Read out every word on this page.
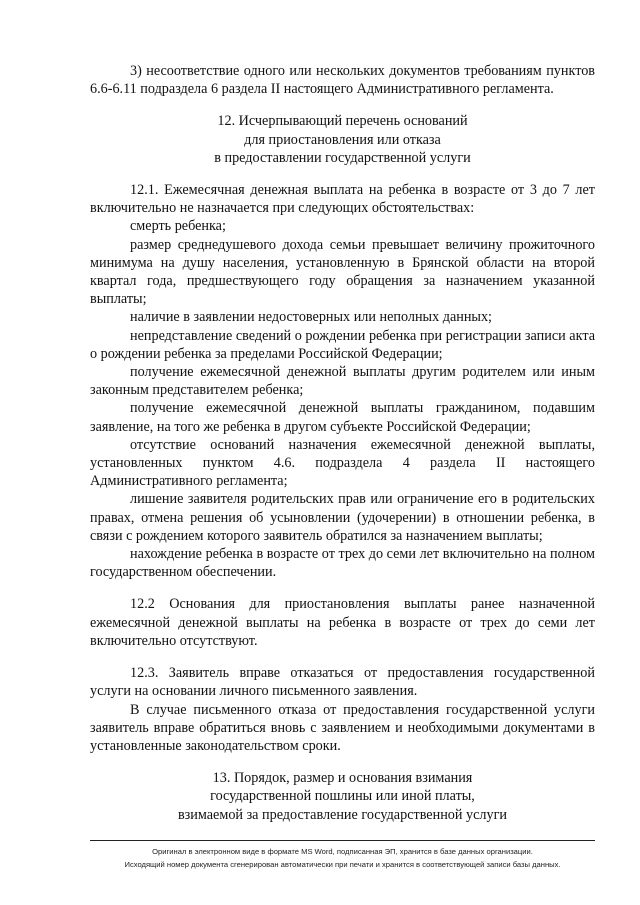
3) несоответствие одного или нескольких документов требованиям пунктов 6.6-6.11 подраздела 6 раздела II настоящего Административного регламента.

12. Исчерпывающий перечень оснований

для приостановления или отказа

в предоставлении государственной услуги

12.1. Ежемесячная денежная выплата на ребенка в возрасте от 3 до 7 лет включительно не назначается при следующих обстоятельствах:

смерть ребенка;

размер среднедушевого дохода семьи превышает величину прожиточного минимума на душу населения, установленную в Брянской области на второй квартал года, предшествующего году обращения за назначением указанной выплаты;

наличие в заявлении недостоверных или неполных данных;

непредставление сведений о рождении ребенка при регистрации записи акта о рождении ребенка за пределами Российской Федерации;

получение ежемесячной денежной выплаты другим родителем или иным законным представителем ребенка;

получение ежемесячной денежной выплаты гражданином, подавшим заявление, на того же ребенка в другом субъекте Российской Федерации;

отсутствие оснований назначения ежемесячной денежной выплаты, установленных пунктом 4.6. подраздела 4 раздела II настоящего Административного регламента;

лишение заявителя родительских прав или ограничение его в родительских правах, отмена решения об усыновлении (удочерении) в отношении ребенка, в связи с рождением которого заявитель обратился за назначением выплаты;

нахождение ребенка в возрасте от трех до семи лет включительно на полном государственном обеспечении.

12.2 Основания для приостановления выплаты ранее назначенной ежемесячной денежной выплаты на ребенка в возрасте от трех до семи лет включительно отсутствуют.

12.3. Заявитель вправе отказаться от предоставления государственной услуги на основании личного письменного заявления.

В случае письменного отказа от предоставления государственной услуги заявитель вправе обратиться вновь с заявлением и необходимыми документами в установленные законодательством сроки.

13. Порядок, размер и основания взимания

государственной пошлины или иной платы,

взимаемой за предоставление государственной услуги

Оригинал в электронном виде в формате MS Word, подписанная ЭП, хранится в базе данных организации.

Исходящий номер документа сгенерирован автоматически при печати и хранится в соответствующей записи базы данных.
